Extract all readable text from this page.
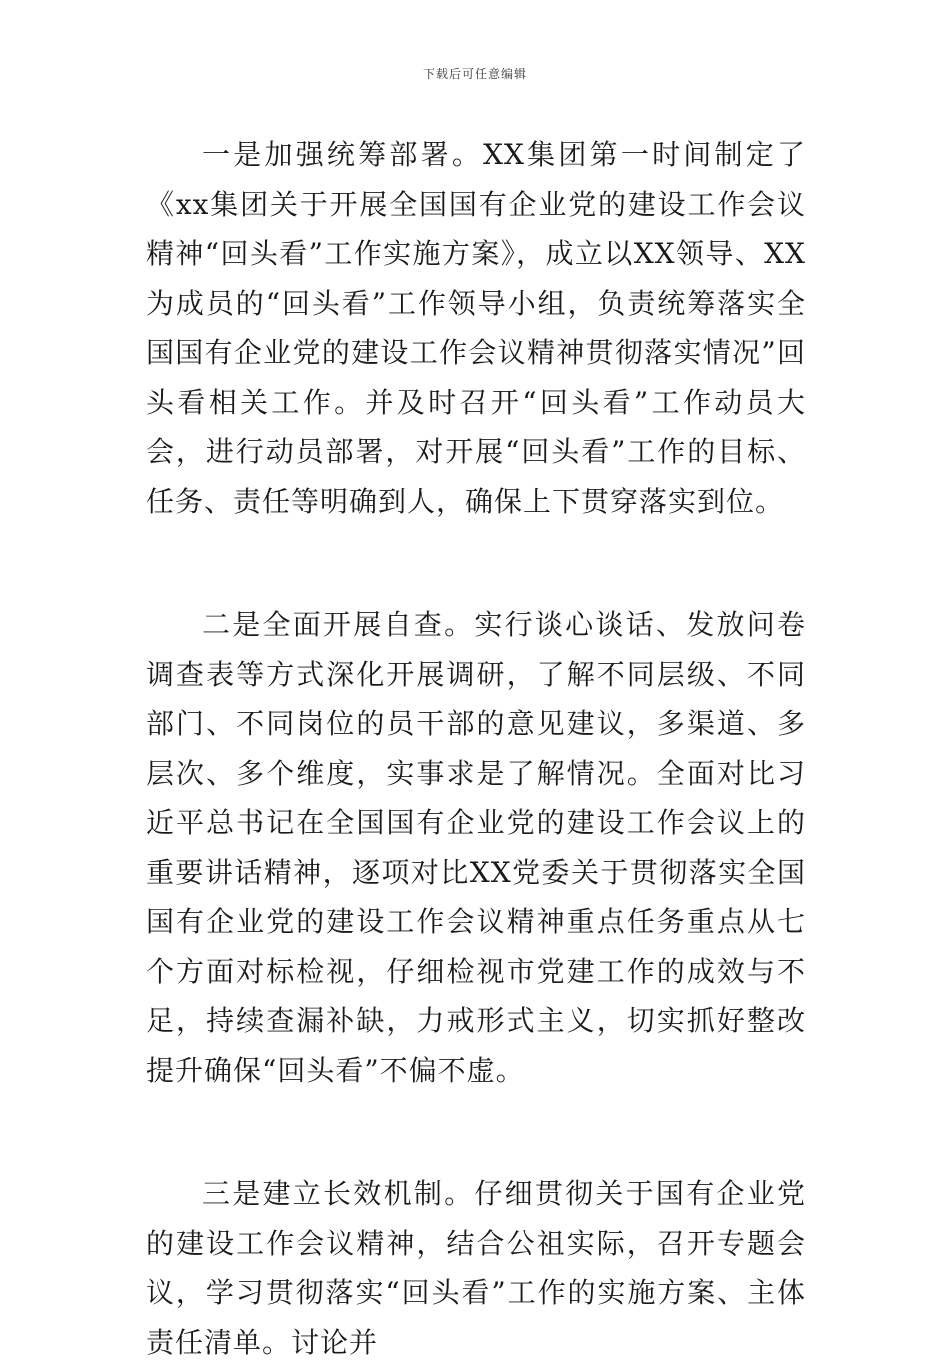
下载后可任意编辑

一是加强统筹部署。XX集团第一时间制定了《xx集团关于开展全国国有企业党的建设工作会议精神“回头看”工作实施方案》，成立以XX领导、XX为成员的“回头看”工作领导小组，负责统筹落实全国国有企业党的建设工作会议精神贯彻落实情况”回头看相关工作。并及时召开“回头看”工作动员大会，进行动员部署，对开展“回头看”工作的目标、任务、责任等明确到人，确保上下贯穿落实到位。

二是全面开展自查。实行谈心谈话、发放问卷调查表等方式深化开展调研，了解不同层级、不同部门、不同岗位的员干部的意见建议，多渠道、多层次、多个维度，实事求是了解情况。全面对比习近平总书记在全国国有企业党的建设工作会议上的重要讲话精神，逐项对比XX党委关于贯彻落实全国国有企业党的建设工作会议精神重点任务重点从七个方面对标检视，仔细检视市党建工作的成效与不足，持续查漏补缺，力戒形式主义，切实抓好整改提升确保“回头看”不偏不虚。

三是建立长效机制。仔细贯彻关于国有企业党的建设工作会议精神，结合公祖实际，召开专题会议，学习贯彻落实“回头看”工作的实施方案、主体责任清单。讨论并
